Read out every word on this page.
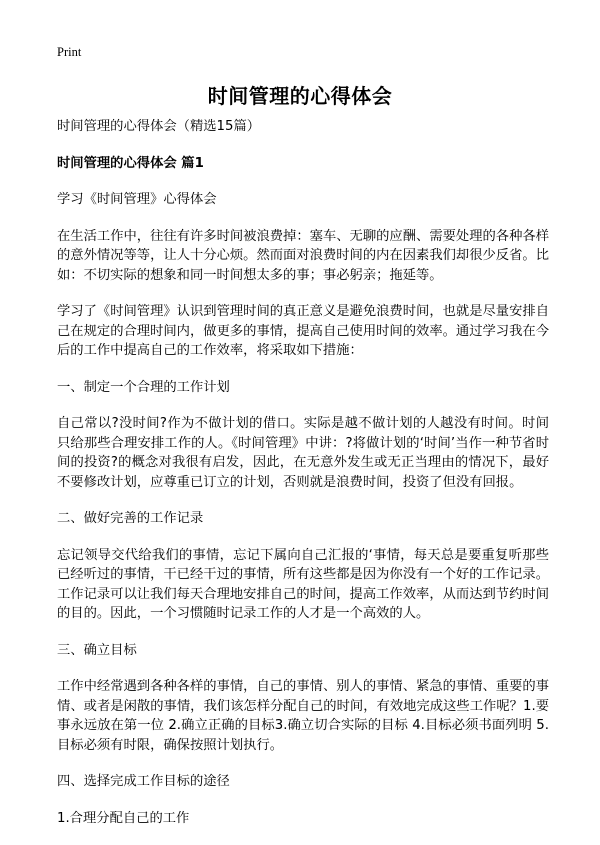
Print
时间管理的心得体会

时间管理的心得体会（精选15篇）

时间管理的心得体会 篇1

学习《时间管理》心得体会

在生活工作中，往往有许多时间被浪费掉：塞车、无聊的应酬、需要处理的各种各样的意外情况等等，让人十分心烦。然而面对浪费时间的内在因素我们却很少反省。比如：不切实际的想象和同一时间想太多的事；事必躬亲；拖延等。

学习了《时间管理》认识到管理时间的真正意义是避免浪费时间，也就是尽量安排自己在规定的合理时间内，做更多的事情，提高自己使用时间的效率。通过学习我在今后的工作中提高自己的工作效率，将采取如下措施：

一、制定一个合理的工作计划

自己常以?没时间?作为不做计划的借口。实际是越不做计划的人越没有时间。时间只给那些合理安排工作的人。《时间管理》中讲：?将做计划的‘时间’当作一种节省时间的投资?的概念对我很有启发，因此，在无意外发生或无正当理由的情况下，最好不要修改计划，应尊重已订立的计划，否则就是浪费时间，投资了但没有回报。

二、做好完善的工作记录

忘记领导交代给我们的事情，忘记下属向自己汇报的‘事情，每天总是要重复听那些已经听过的事情，干已经干过的事情，所有这些都是因为你没有一个好的工作记录。工作记录可以让我们每天合理地安排自己的时间，提高工作效率，从而达到节约时间的目的。因此，一个习惯随时记录工作的人才是一个高效的人。

三、确立目标

工作中经常遇到各种各样的事情，自己的事情、别人的事情、紧急的事情、重要的事情、或者是闲散的事情，我们该怎样分配自己的时间，有效地完成这些工作呢？1.要事永远放在第一位 2.确立正确的目标3.确立切合实际的目标 4.目标必须书面列明 5.目标必须有时限，确保按照计划执行。

四、选择完成工作目标的途径

1.合理分配自己的工作
